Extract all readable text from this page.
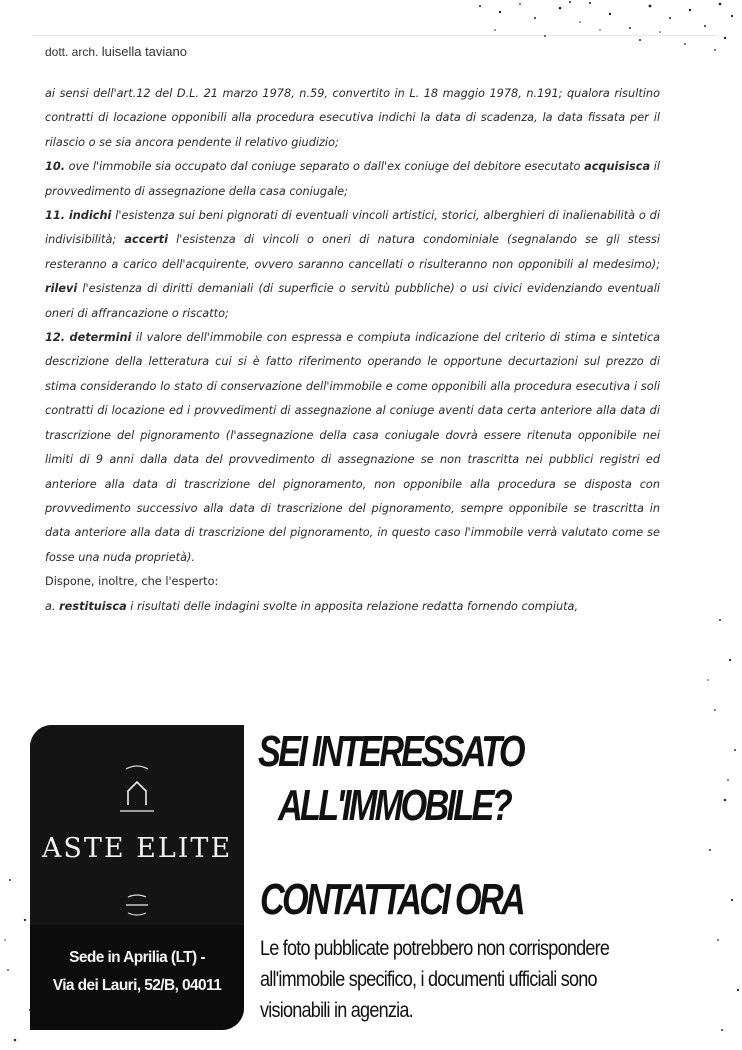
dott. arch. luisella taviano

ai sensi dell'art.12 del D.L. 21 marzo 1978, n.59, convertito in L. 18 maggio 1978, n.191; qualora risultino contratti di locazione opponibili alla procedura esecutiva indichi la data di scadenza, la data fissata per il rilascio o se sia ancora pendente il relativo giudizio;

10. ove l'immobile sia occupato dal coniuge separato o dall'ex coniuge del debitore esecutato acquisisca il provvedimento di assegnazione della casa coniugale;

11. indichi l'esistenza sui beni pignorati di eventuali vincoli artistici, storici, alberghieri di inalienabilità o di indivisibilità; accerti l'esistenza di vincoli o oneri di natura condominiale (segnalando se gli stessi resteranno a carico dell'acquirente, ovvero saranno cancellati o risulteranno non opponibili al medesimo); rilevi l'esistenza di diritti demaniali (di superficie o servitù pubbliche) o usi civici evidenziando eventuali oneri di affrancazione o riscatto;

12. determini il valore dell'immobile con espressa e compiuta indicazione del criterio di stima e sintetica descrizione della letteratura cui si è fatto riferimento operando le opportune decurtazioni sul prezzo di stima considerando lo stato di conservazione dell'immobile e come opponibili alla procedura esecutiva i soli contratti di locazione ed i provvedimenti di assegnazione al coniuge aventi data certa anteriore alla data di trascrizione del pignoramento (l'assegnazione della casa coniugale dovrà essere ritenuta opponibile nei limiti di 9 anni dalla data del provvedimento di assegnazione se non trascritta nei pubblici registri ed anteriore alla data di trascrizione del pignoramento, non opponibile alla procedura se disposta con provvedimento successivo alla data di trascrizione del pignoramento, sempre opponibile se trascritta in data anteriore alla data di trascrizione del pignoramento, in questo caso l'immobile verrà valutato come se fosse una nuda proprietà).

Dispone, inoltre, che l'esperto:

a. restituisca i risultati delle indagini svolte in apposita relazione redatta fornendo compiuta,

ASTE ELITE
Sede in Aprilia (LT) -
Via dei Lauri, 52/B, 04011
SEI INTERESSATO
ALL'IMMOBILE?
CONTATTACI ORA
Le foto pubblicate potrebbero non corrispondere all'immobile specifico, i documenti ufficiali sono visionabili in agenzia.
